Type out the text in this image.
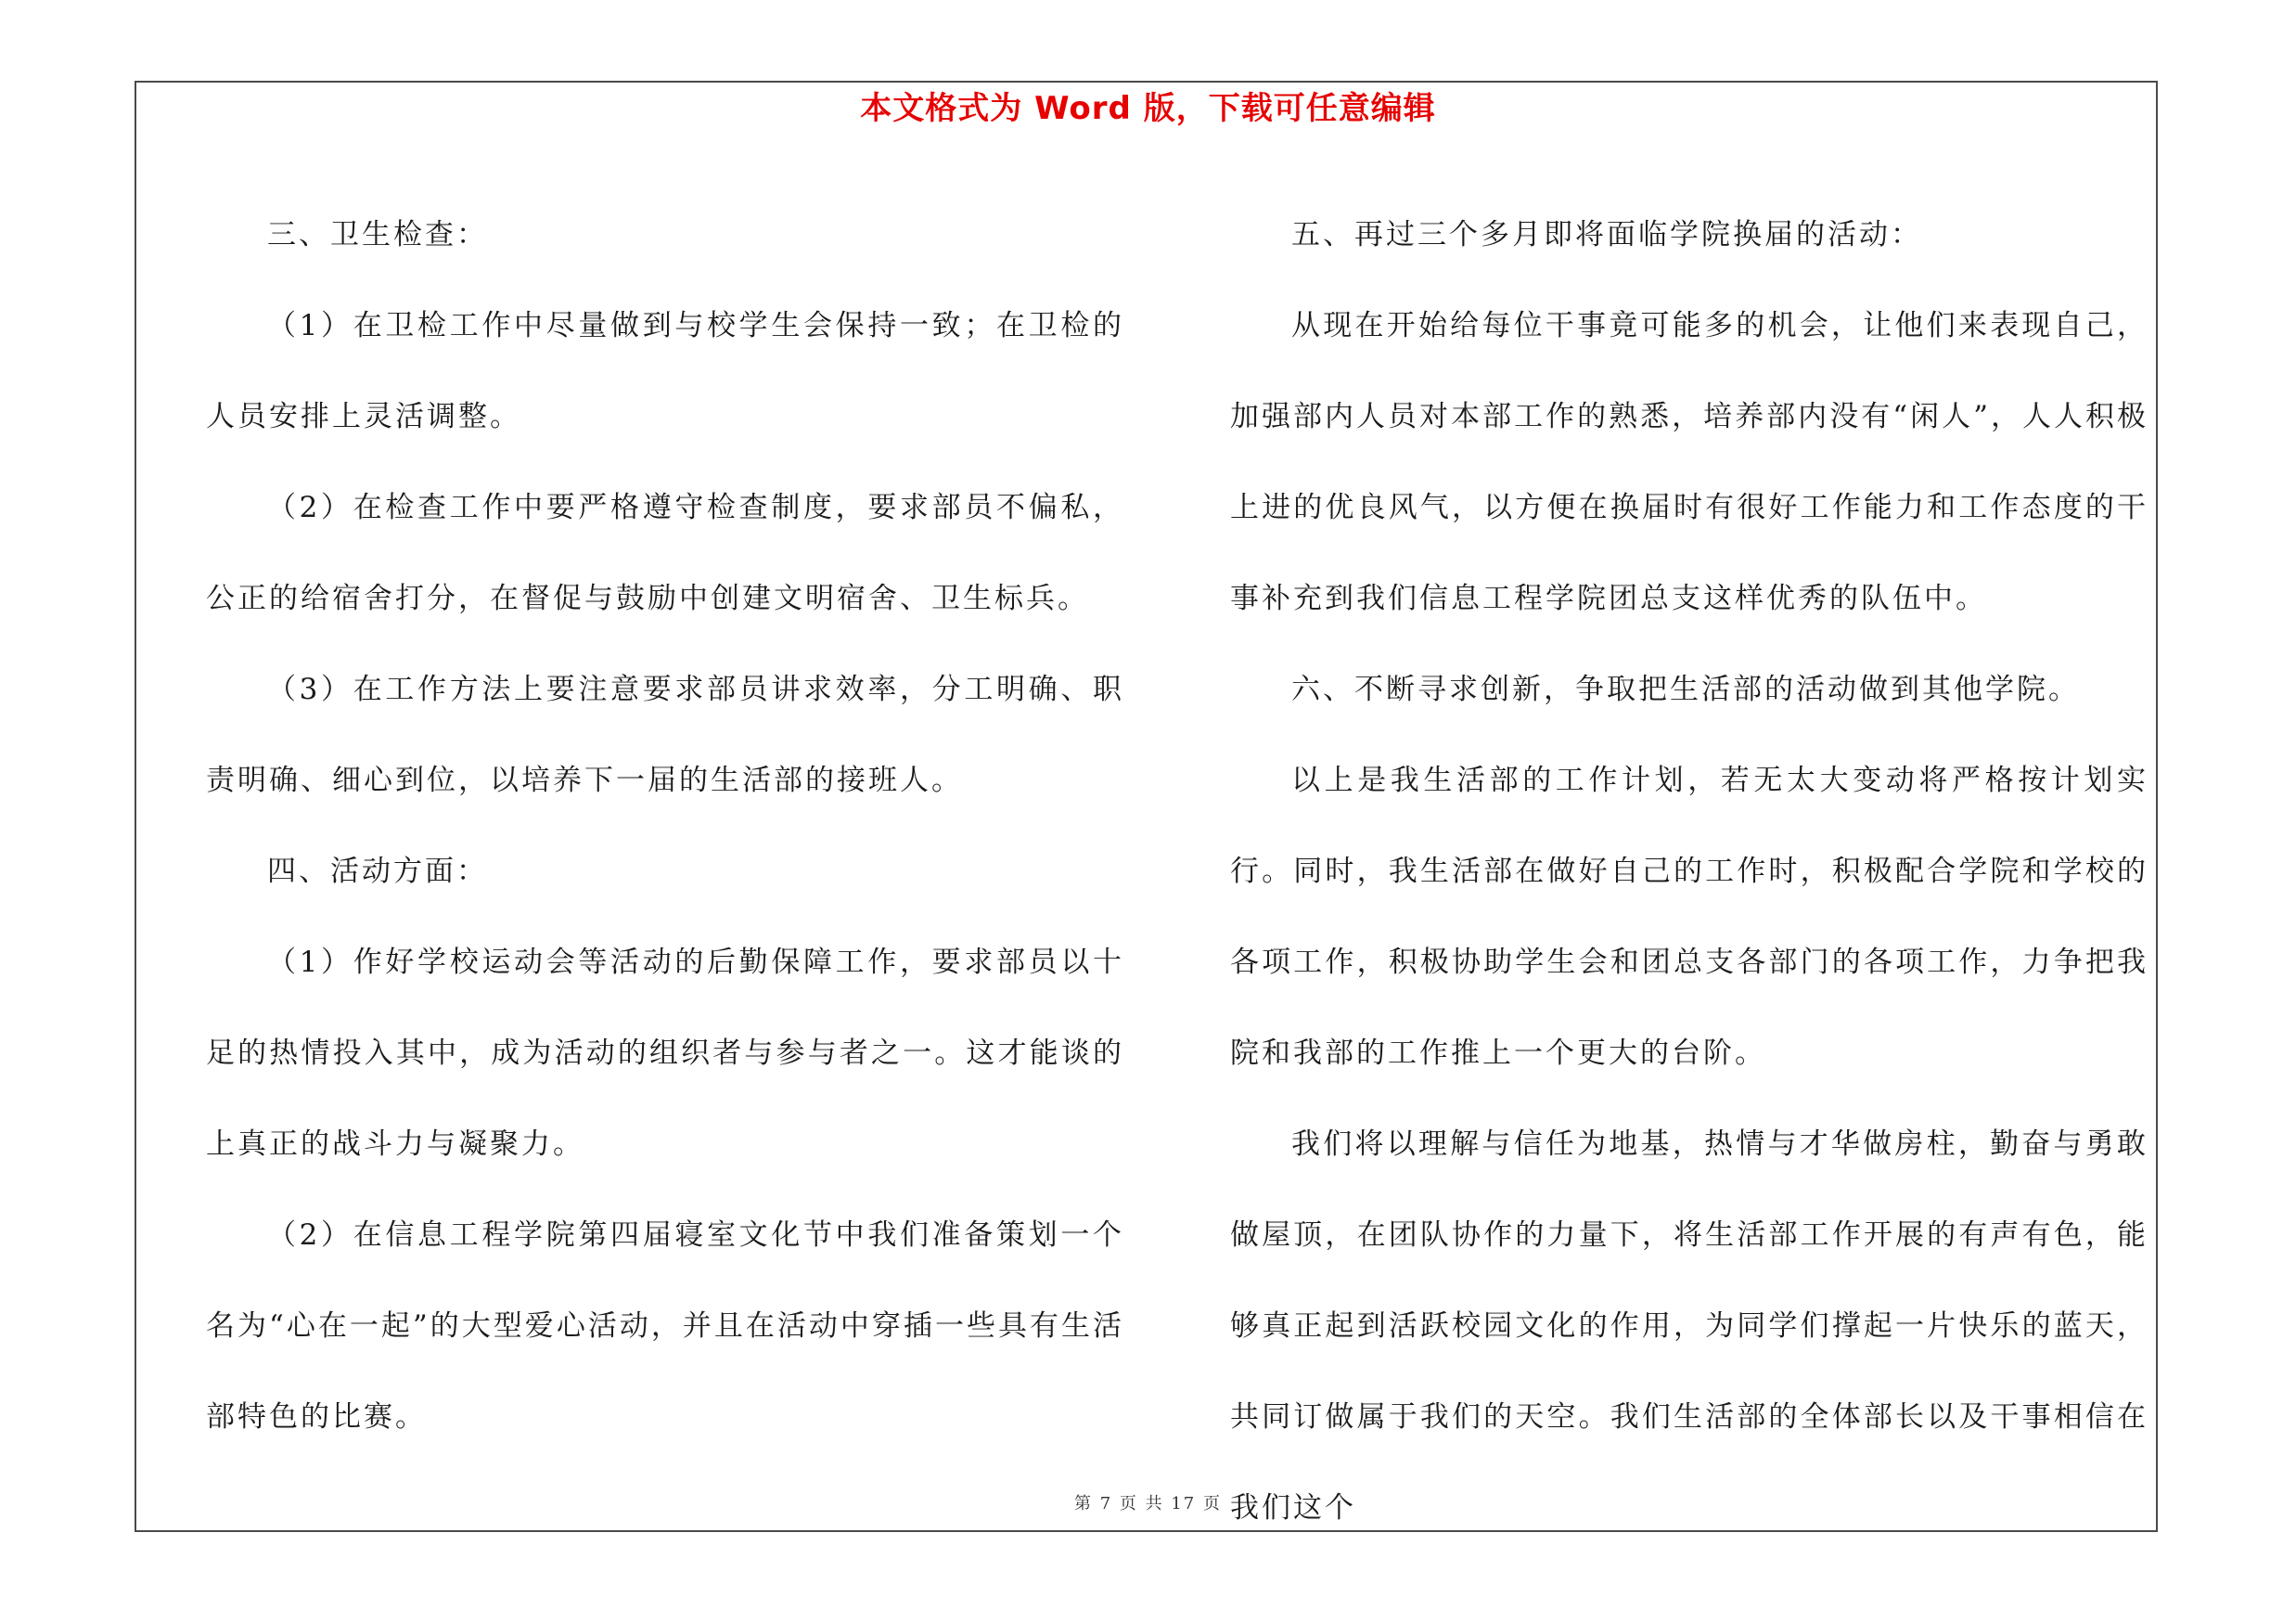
本文格式为 Word 版，下载可任意编辑

三、卫生检查：

（1）在卫检工作中尽量做到与校学生会保持一致；在卫检的人员安排上灵活调整。

（2）在检查工作中要严格遵守检查制度，要求部员不偏私，公正的给宿舍打分，在督促与鼓励中创建文明宿舍、卫生标兵。

（3）在工作方法上要注意要求部员讲求效率，分工明确、职责明确、细心到位，以培养下一届的生活部的接班人。

四、活动方面：

（1）作好学校运动会等活动的后勤保障工作，要求部员以十足的热情投入其中，成为活动的组织者与参与者之一。这才能谈的上真正的战斗力与凝聚力。

（2）在信息工程学院第四届寝室文化节中我们准备策划一个名为“心在一起”的大型爱心活动，并且在活动中穿插一些具有生活部特色的比赛。

五、再过三个多月即将面临学院换届的活动：

从现在开始给每位干事竟可能多的机会，让他们来表现自己，加强部内人员对本部工作的熟悉，培养部内没有“闲人”，人人积极上进的优良风气，以方便在换届时有很好工作能力和工作态度的干事补充到我们信息工程学院团总支这样优秀的队伍中。

六、不断寻求创新，争取把生活部的活动做到其他学院。

以上是我生活部的工作计划，若无太大变动将严格按计划实行。同时，我生活部在做好自己的工作时，积极配合学院和学校的各项工作，积极协助学生会和团总支各部门的各项工作，力争把我院和我部的工作推上一个更大的台阶。

我们将以理解与信任为地基，热情与才华做房柱，勤奋与勇敢做屋顶，在团队协作的力量下，将生活部工作开展的有声有色，能够真正起到活跃校园文化的作用，为同学们撑起一片快乐的蓝天，共同订做属于我们的天空。我们生活部的全体部长以及干事相信在我们这个

第 7 页 共 17 页
